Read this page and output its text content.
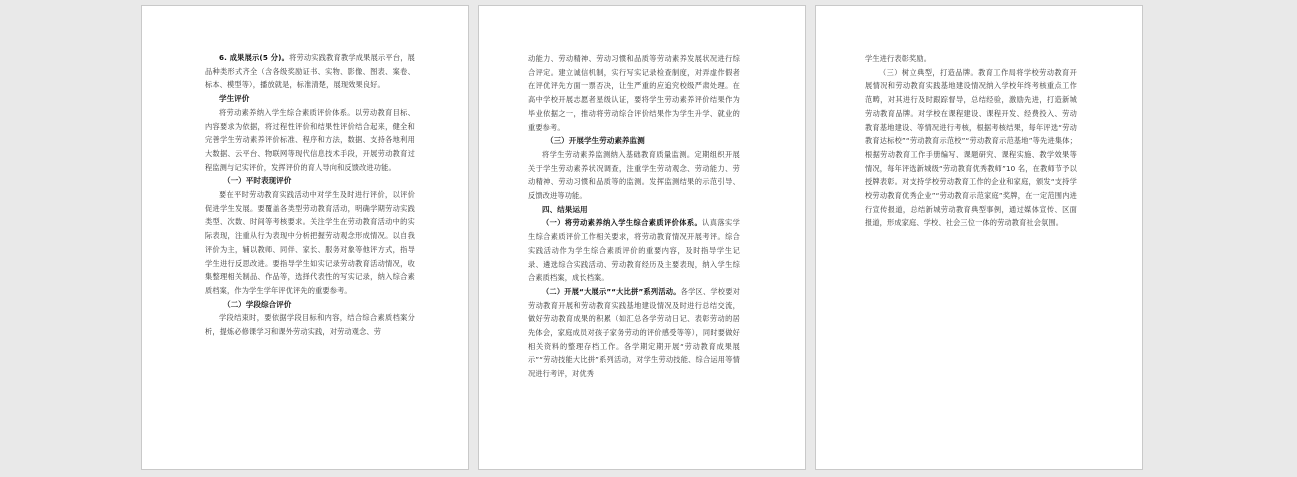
6. 成果展示(5 分)。将劳动实践教育教学成果展示平台，展品种类形式齐全（含各级奖励证书、实物、影像、图表、案卷、标本、模型等），播放就是，标准清楚，展现效果良好。

学生评价

将劳动素养纳入学生综合素质评价体系。以劳动教育目标、内容要求为依据，将过程性评价和结果性评价结合起来，健全和完善学生劳动素养评价标准、程序和方法，数据、支持各地利用大数据、云平台、物联网等现代信息技术手段，开展劳动教育过程监测与记实评价，发挥评价的育人导向和反馈改进功能。

（一）平时表现评价

要在平时劳动教育实践活动中对学生及时进行评价，以评价促进学生发展。要覆盖各类型劳动教育活动，明确学期劳动实践类型、次数、时间等考核要求。关注学生在劳动教育活动中的实际表现，注重从行为表现中分析把握劳动观念形成情况。以自我评价为主，辅以教师、同伴、家长、服务对象等他评方式，指导学生进行反思改进。要指导学生如实记录劳动教育活动情况，收集整理相关制品、作品等，选择代表性的写实记录，纳入综合素质档案，作为学生学年评优评先的重要参考。

（二）学段综合评价

学段结束时，要依据学段目标和内容，结合综合素质档案分析，提炼必修课学习和课外劳动实践，对劳动观念、劳

动能力、劳动精神、劳动习惯和品质等劳动素养发展状况进行综合评定。建立诚信机制，实行写实记录检查制度，对弄虚作假者在评优评先方面一票否决，让生严重的应追究校级严肃处理。在高中学校开展志愿者星级认证，要将学生劳动素养评价结果作为毕业依据之一，推动将劳动综合评价结果作为学生升学、就业的重要参考。

（三）开展学生劳动素养监测

将学生劳动素养监测纳入基础教育质量监测。定期组织开展关于学生劳动素养状况调查，注重学生劳动观念、劳动能力、劳动精神、劳动习惯和品质等的监测。发挥监测结果的示范引导、反馈改进等功能。

四、结果运用

（一）将劳动素养纳入学生综合素质评价体系。认真落实学生综合素质评价工作相关要求，将劳动教育情况开展考评。综合实践活动作为学生综合素质评价的重要内容，及时指导学生记录、遴选综合实践活动、劳动教育经历及主要表现，纳入学生综合素质档案，成长档案。

（二）开展“大展示”“大比拼”系列活动。各学区、学校要对劳动教育开展和劳动教育实践基地建设情况及时进行总结交流，做好劳动教育成果的积累（如汇总各学劳动日记、表彰劳动的居先体会，家庭成员对孩子家务劳动的评价感受等等），同时要做好相关资料的整理存档工作。各学期定期开展“劳动教育成果展示”“劳动技能大比拼”系列活动，对学生劳动技能、综合运用等情况进行考评，对优秀

学生进行表彰奖励。

（三）树立典型，打造品牌。教育工作局将学校劳动教育开展情况和劳动教育实践基地建设情况纳入学校年终考核重点工作范畴，对其进行及时跟踪督导，总结经验，激励先进，打造新城劳动教育品牌。对学校在课程建设、课程开发、经费投入、劳动教育基地建设、等情况进行考核，根据考核结果，每年评选“劳动教育达标校”“劳动教育示范校”“劳动教育示范基地”等先进集体；根据劳动教育工作手册编写、课题研究、课程实施、教学效果等情况，每年评选新城级“劳动教育优秀教师”10 名，在教师节予以授牌表彰。对支持学校劳动教育工作的企业和家庭，颁发“支持学校劳动教育优秀企业”“劳动教育示范家庭”奖牌，在一定范围内进行宣传报道，总结新城劳动教育典型事例，通过媒体宣传、区面报道，形成家庭、学校、社会三位一体的劳动教育社会氛围。
